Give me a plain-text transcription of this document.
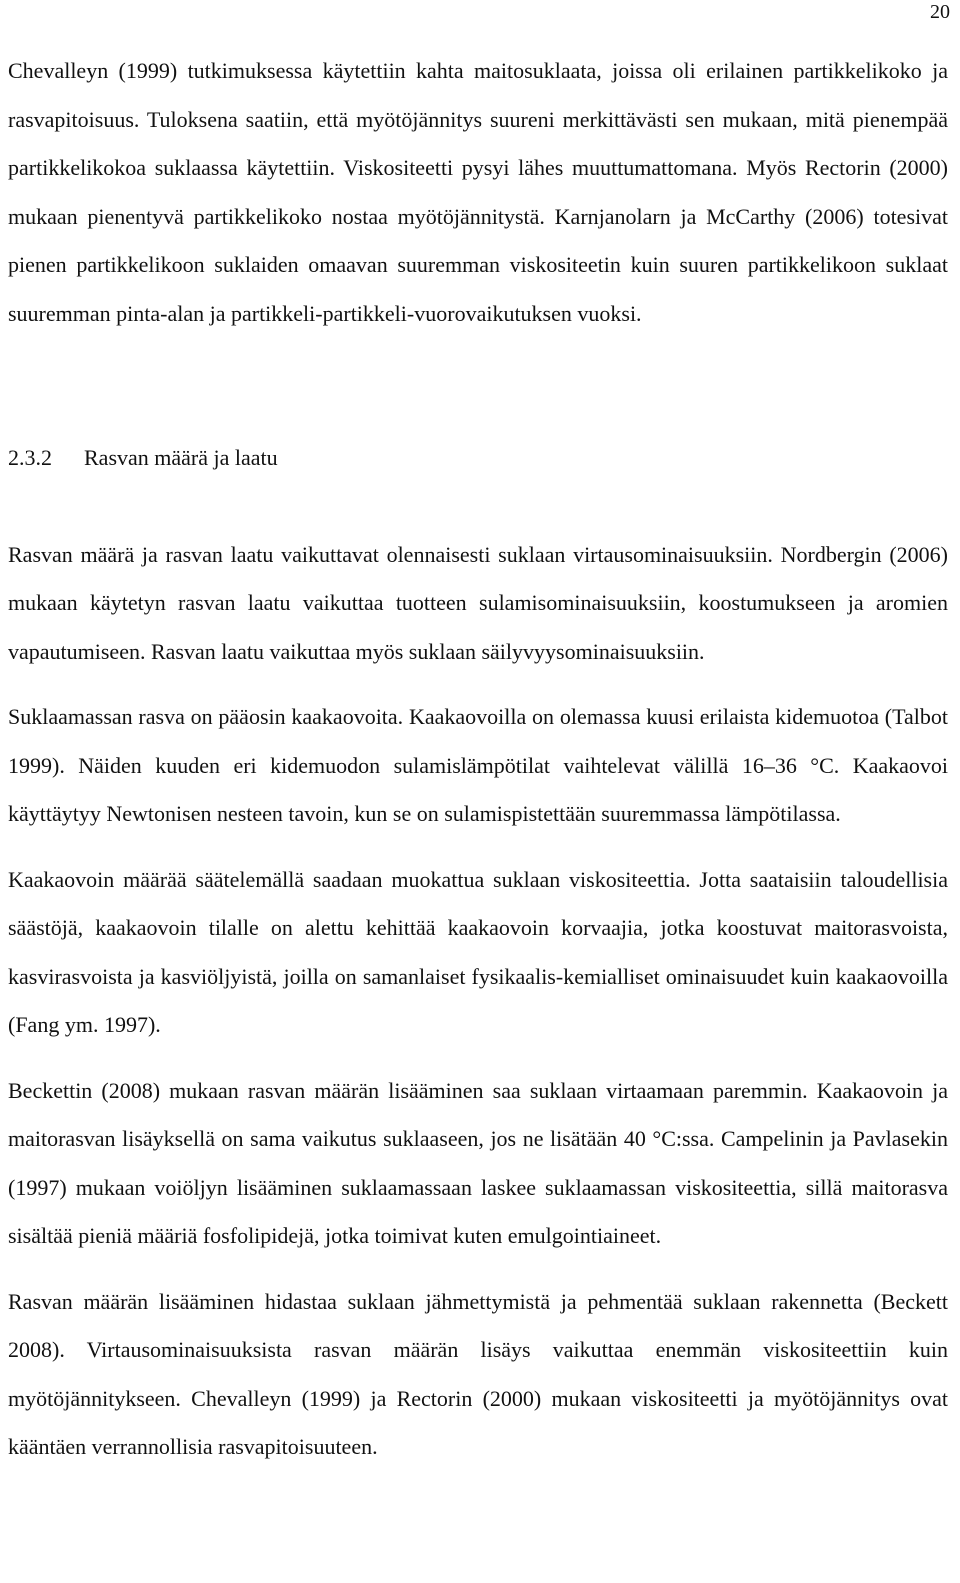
20

Chevalleyn (1999) tutkimuksessa käytettiin kahta maitosuklaata, joissa oli erilainen partikkelikoko ja rasvapitoisuus. Tuloksena saatiin, että myötöjännitys suureni merkittävästi sen mukaan, mitä pienempää partikkelikokoa suklaassa käytettiin. Viskositeetti pysyi lähes muuttumattomana. Myös Rectorin (2000) mukaan pienentyvä partikkelikoko nostaa myötöjännitystä. Karnjanolarn ja McCarthy (2006) totesivat pienen partikkelikoon suklaiden omaavan suuremman viskositeetin kuin suuren partikkelikoon suklaat suuremman pinta-alan ja partikkeli-partikkeli-vuorovaikutuksen vuoksi.

2.3.2 Rasvan määrä ja laatu

Rasvan määrä ja rasvan laatu vaikuttavat olennaisesti suklaan virtausominaisuuksiin. Nordbergin (2006) mukaan käytetyn rasvan laatu vaikuttaa tuotteen sulamisominaisuuksiin, koostumukseen ja aromien vapautumiseen. Rasvan laatu vaikuttaa myös suklaan säilyvyysominaisuuksiin.

Suklaamassan rasva on pääosin kaakaovoita. Kaakaovoilla on olemassa kuusi erilaista kidemuotoa (Talbot 1999). Näiden kuuden eri kidemuodon sulamislämpötilat vaihtelevat välillä 16–36 °C. Kaakaovoi käyttäytyy Newtonisen nesteen tavoin, kun se on sulamispistettään suuremmassa lämpötilassa.

Kaakaovoin määrää säätelemällä saadaan muokattua suklaan viskositeettia. Jotta saataisiin taloudellisia säästöjä, kaakaovoin tilalle on alettu kehittää kaakaovoin korvaajia, jotka koostuvat maitorasvoista, kasvirasvoista ja kasviöljyistä, joilla on samanlaiset fysikaalis-kemialliset ominaisuudet kuin kaakaovoilla (Fang ym. 1997).

Beckettin (2008) mukaan rasvan määrän lisääminen saa suklaan virtaamaan paremmin. Kaakaovoin ja maitorasvan lisäyksellä on sama vaikutus suklaaseen, jos ne lisätään 40 °C:ssa. Campelinin ja Pavlasekin (1997) mukaan voiöljyn lisääminen suklaamassaan laskee suklaamassan viskositeettia, sillä maitorasva sisältää pieniä määriä fosfolipidejä, jotka toimivat kuten emulgointiaineet.

Rasvan määrän lisääminen hidastaa suklaan jähmettymistä ja pehmentää suklaan rakennetta (Beckett 2008). Virtausominaisuuksista rasvan määrän lisäys vaikuttaa enemmän viskositeettiin kuin myötöjännitykseen. Chevalleyn (1999) ja Rectorin (2000) mukaan viskositeetti ja myötöjännitys ovat kääntäen verrannollisia rasvapitoisuuteen.
